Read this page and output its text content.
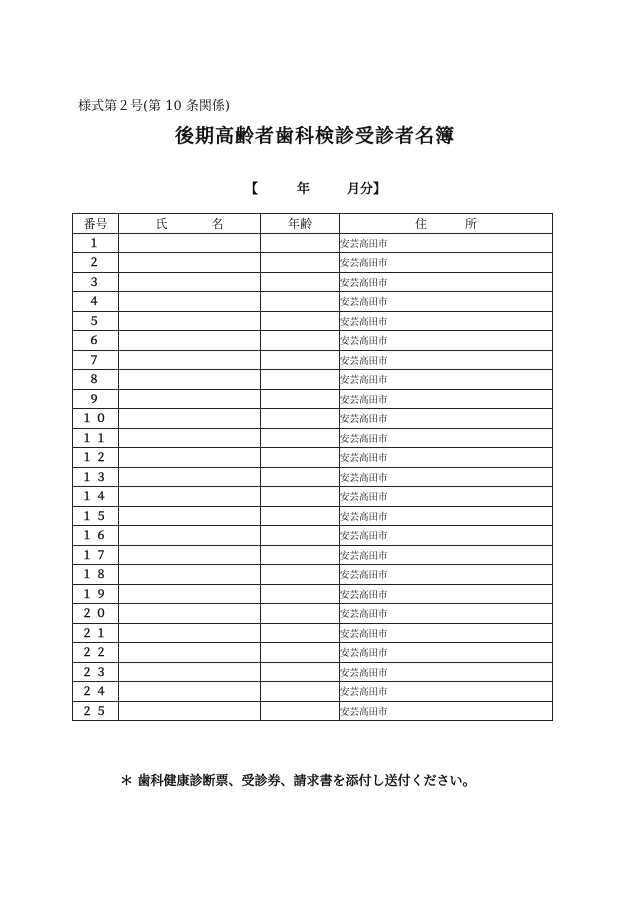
様式第２号(第 10 条関係)
後期高齢者歯科検診受診者名簿
【	年	月分】
番号	氏 名	年齢	住 所
１			安芸高田市
２			安芸高田市
３			安芸高田市
４			安芸高田市
５			安芸高田市
６			安芸高田市
７			安芸高田市
８			安芸高田市
９			安芸高田市
１０			安芸高田市
１１			安芸高田市
１２			安芸高田市
１３			安芸高田市
１４			安芸高田市
１５			安芸高田市
１６			安芸高田市
１７			安芸高田市
１８			安芸高田市
１９			安芸高田市
２０			安芸高田市
２１			安芸高田市
２２			安芸高田市
２３			安芸高田市
２４			安芸高田市
２５			安芸高田市
＊ 歯科健康診断票、受診券、請求書を添付し送付ください。
